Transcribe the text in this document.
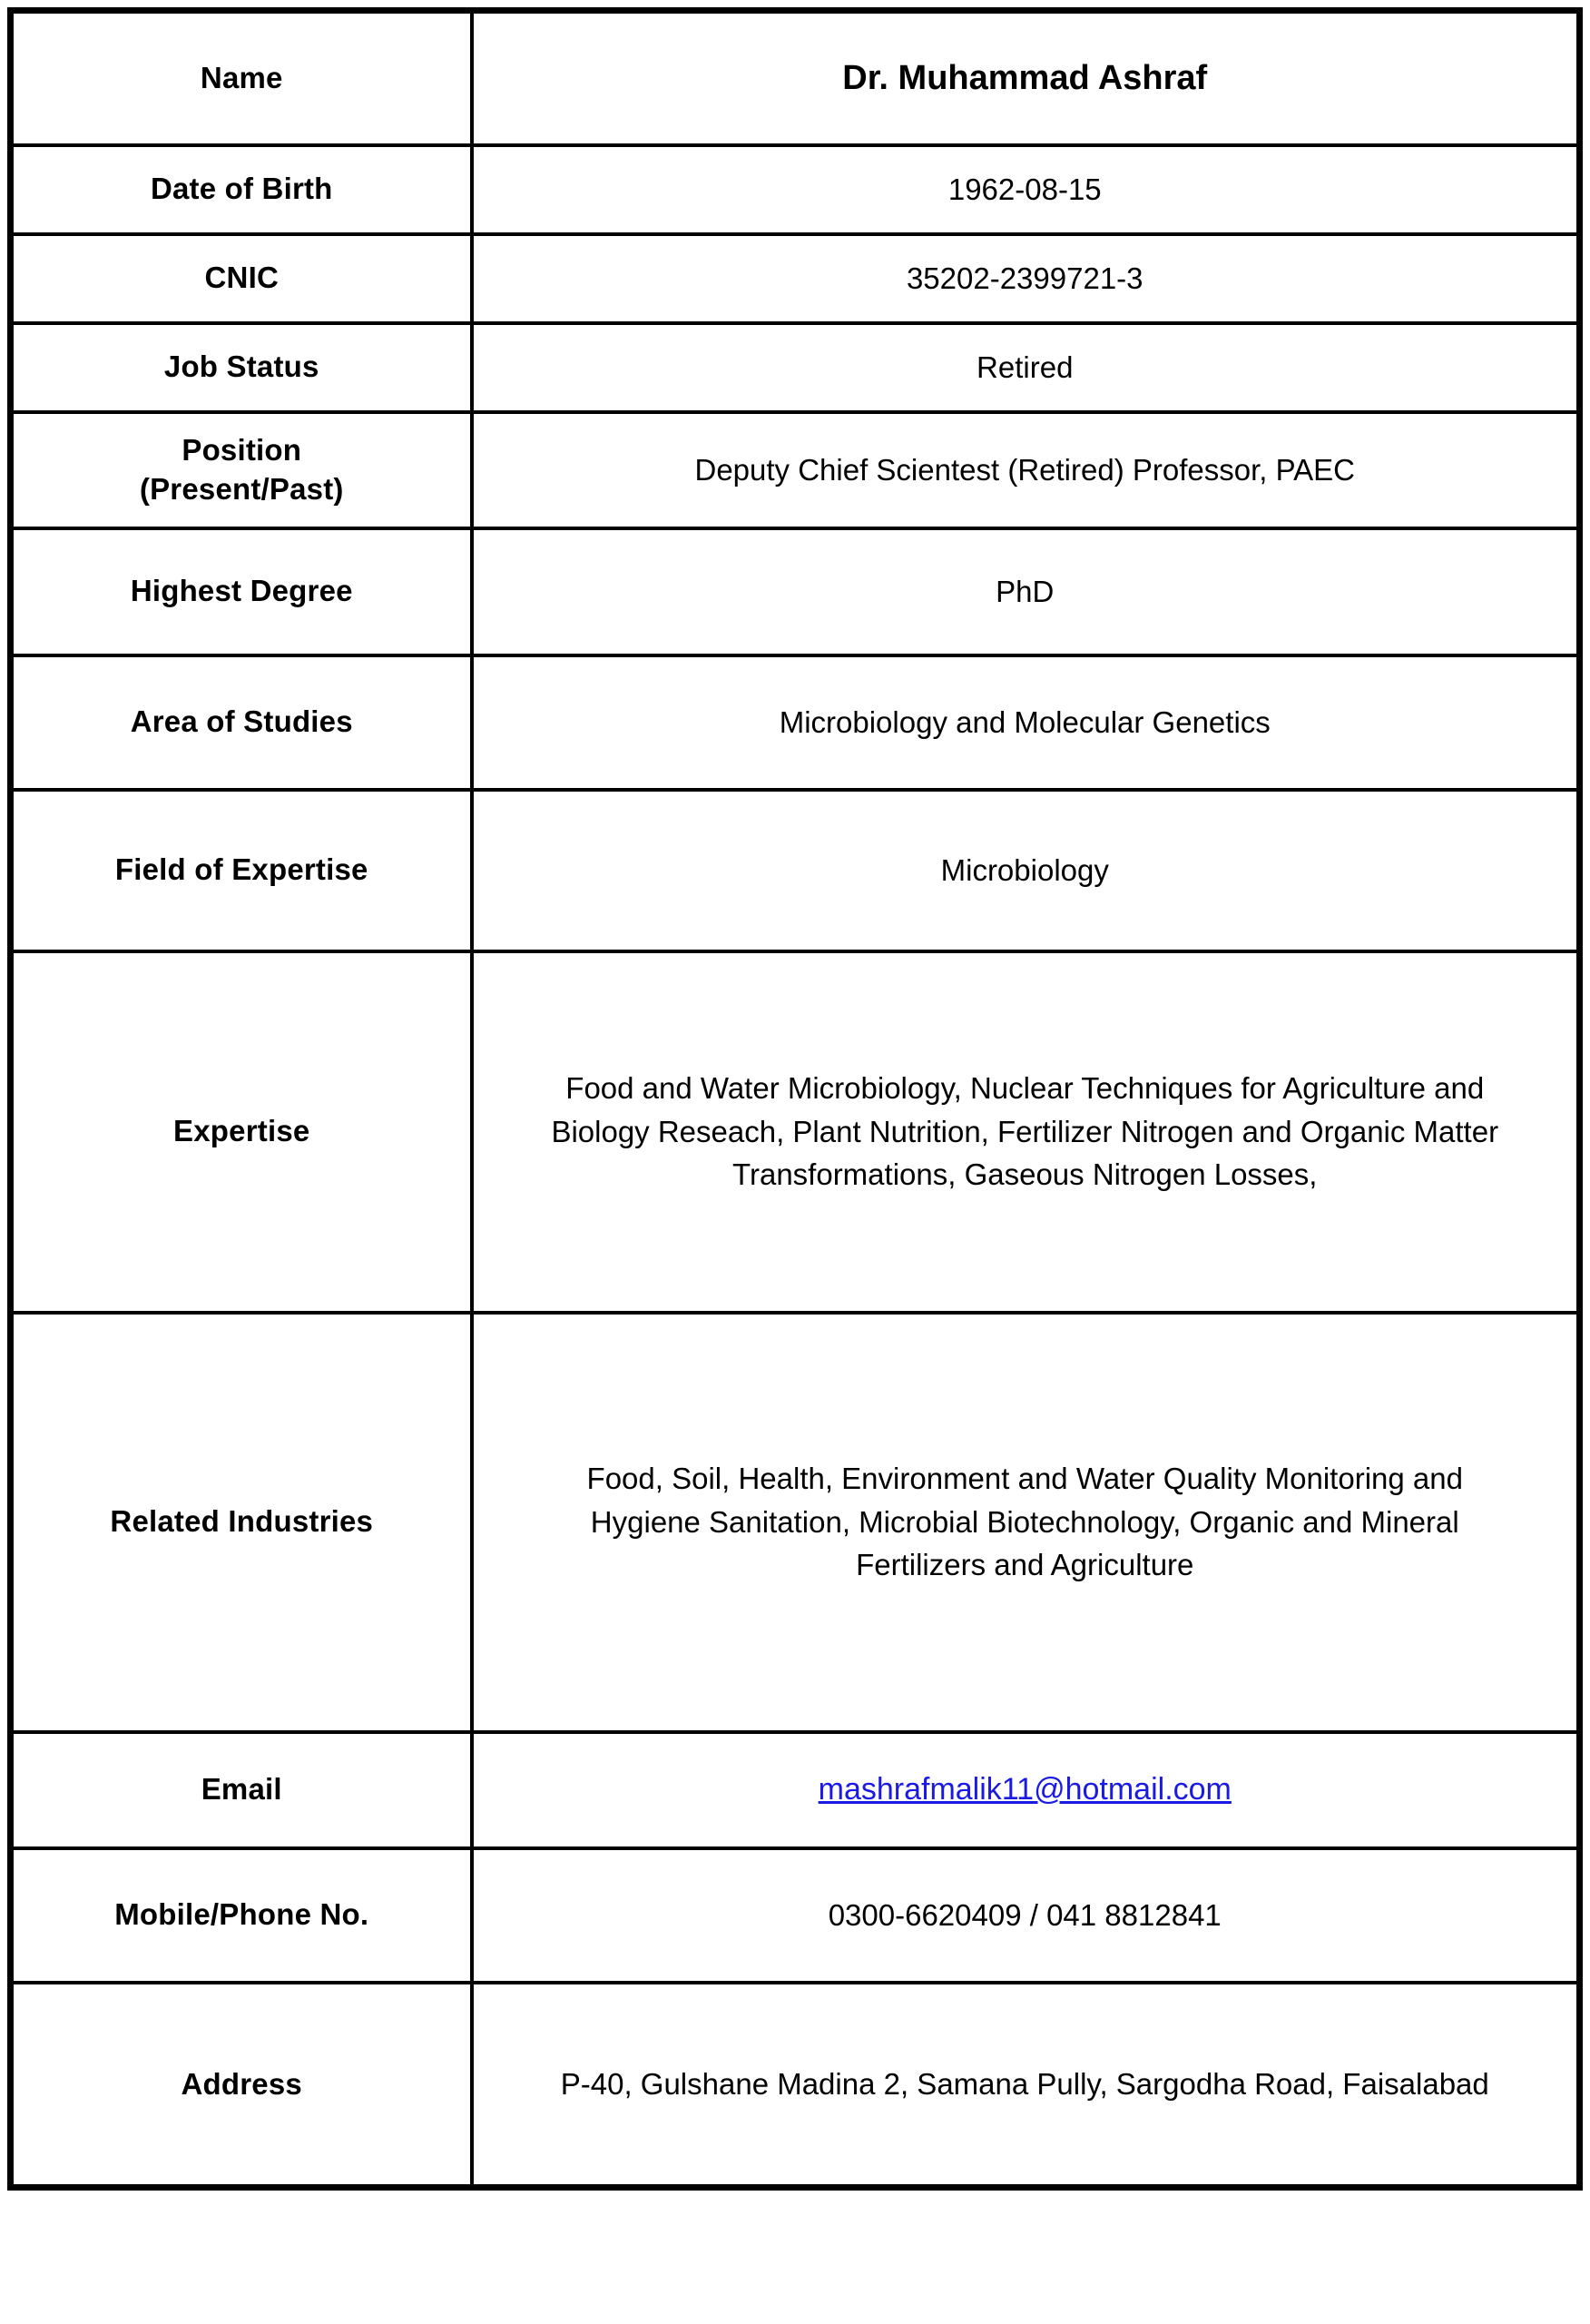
Name	Dr. Muhammad Ashraf
Date of Birth	1962-08-15
CNIC	35202-2399721-3
Job Status	Retired
Position
(Present/Past)	Deputy Chief Scientest (Retired) Professor, PAEC
Highest Degree	PhD
Area of Studies	Microbiology and Molecular Genetics
Field of Expertise	Microbiology
Expertise	Food and Water Microbiology, Nuclear Techniques for Agriculture and Biology Reseach, Plant Nutrition, Fertilizer Nitrogen and Organic Matter Transformations, Gaseous Nitrogen Losses,
Related Industries	Food, Soil, Health, Environment and Water Quality Monitoring and Hygiene Sanitation, Microbial Biotechnology, Organic and Mineral Fertilizers and Agriculture
Email	mashrafmalik11@hotmail.com
Mobile/Phone No.	0300-6620409 / 041 8812841
Address	P-40, Gulshane Madina 2, Samana Pully, Sargodha Road, Faisalabad
